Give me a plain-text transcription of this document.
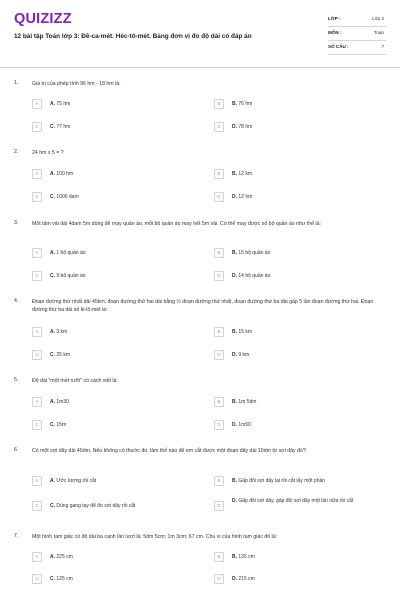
QUIZIZZ
12 bài tập Toán lớp 3: Đề-ca-mét. Héc-tô-mét. Bảng đơn vị đo độ dài có đáp án
LỚP :	Lớp 3
MÔN :	Toán
SỐ CÂU :	7
1.	Giá trị của phép tính 96 hm - 18 hm là:
A	A. 75 hm	B	B. 76 hm
C	C. 77 hm	D	D. 78 hm
2.	24 hm x 5 = ?
A	A. 100 hm	B	B. 12 km
C	C. 1000 dam	D	D. 12 hm
3.	Một tấm vải dài 4dam 5m dùng để may quần áo, mỗi bộ quần áo may hết 5m vải. Có thể may được số bộ quần áo như thế là:
A	A. 1 bộ quần áo	B	B. 15 bộ quần áo
C	C. 9 bộ quần áo	D	D. 14 bộ quần áo
4.	Đoạn đường thứ nhất dài 45km, đoạn đường thứ hai dài bằng ⅓ đoạn đường thứ nhất, đoạn đường thứ ba dài gấp 5 lần đoạn đường thứ hai. Đoạn đường thứ ba dài số ki-lô-mét là:
A	A. 3 km	B	B. 15 km
C	C. 25 km	D	D. 9 km
5.	Độ dài "một mét rưỡi" có cách viết là:
A	A. 1m30	B	B. 1m 5dm
C	C. 15m	D	D. 1m50
6.	Có một sợi dây dài 40dm. Nếu không có thước đo, làm thế nào để em cắt được một đoạn dây dài 10dm từ sợi dây đó?
A	A. Ước lượng rồi cắt	B	B. Gấp đôi sợi dây lại rồi cắt lấy một phần
C	C. Dùng gang tay để đo sợi dây rồi cắt	D
D. Gấp đôi sợi dây, gấp đôi sợi dây một lần nữa rồi cắt
7.	Một hình tam giác có độ dài ba cạnh lần lượt là: 5dm 5cm; 1m 3cm; 67 cm. Chu vi của hình tam giác đó là:
A	A. 225 cm	B	B. 135 cm
C	C. 125 cm	D	D. 215 cm
